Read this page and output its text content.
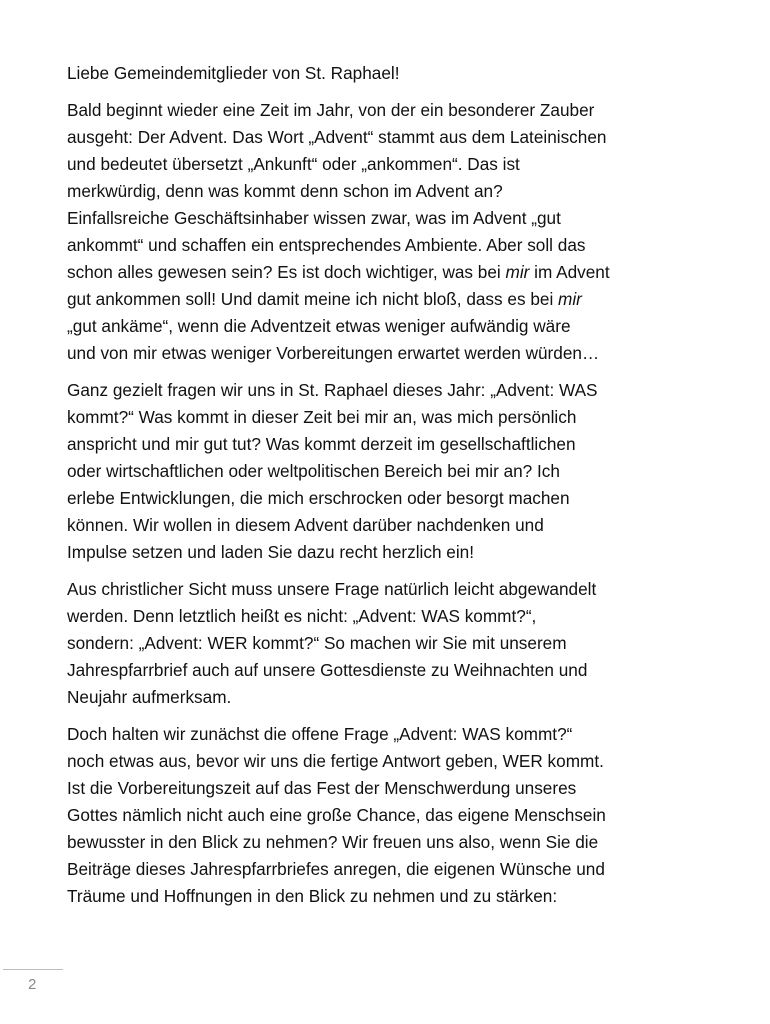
Liebe Gemeindemitglieder von St. Raphael!

Bald beginnt wieder eine Zeit im Jahr, von der ein besonderer Zauber
ausgeht: Der Advent. Das Wort „Advent“ stammt aus dem Lateinischen
und bedeutet übersetzt „Ankunft“ oder „ankommen“. Das ist
merkwürdig, denn was kommt denn schon im Advent an?
Einfallsreiche Geschäftsinhaber wissen zwar, was im Advent „gut
ankommt“ und schaffen ein entsprechendes Ambiente. Aber soll das
schon alles gewesen sein? Es ist doch wichtiger, was bei mir im Advent
gut ankommen soll! Und damit meine ich nicht bloß, dass es bei mir
„gut ankäme“, wenn die Adventzeit etwas weniger aufwändig wäre
und von mir etwas weniger Vorbereitungen erwartet werden würden…

Ganz gezielt fragen wir uns in St. Raphael dieses Jahr: „Advent: WAS
kommt?“ Was kommt in dieser Zeit bei mir an, was mich persönlich
anspricht und mir gut tut? Was kommt derzeit im gesellschaftlichen
oder wirtschaftlichen oder weltpolitischen Bereich bei mir an? Ich
erlebe Entwicklungen, die mich erschrocken oder besorgt machen
können. Wir wollen in diesem Advent darüber nachdenken und
Impulse setzen und laden Sie dazu recht herzlich ein!

Aus christlicher Sicht muss unsere Frage natürlich leicht abgewandelt
werden. Denn letztlich heißt es nicht: „Advent: WAS kommt?“,
sondern: „Advent: WER kommt?“ So machen wir Sie mit unserem
Jahrespfarrbrief auch auf unsere Gottesdienste zu Weihnachten und
Neujahr aufmerksam.

Doch halten wir zunächst die offene Frage „Advent: WAS kommt?“
noch etwas aus, bevor wir uns die fertige Antwort geben, WER kommt.
Ist die Vorbereitungszeit auf das Fest der Menschwerdung unseres
Gottes nämlich nicht auch eine große Chance, das eigene Menschsein
bewusster in den Blick zu nehmen? Wir freuen uns also, wenn Sie die
Beiträge dieses Jahrespfarrbriefes anregen, die eigenen Wünsche und
Träume und Hoffnungen in den Blick zu nehmen und zu stärken:

2
